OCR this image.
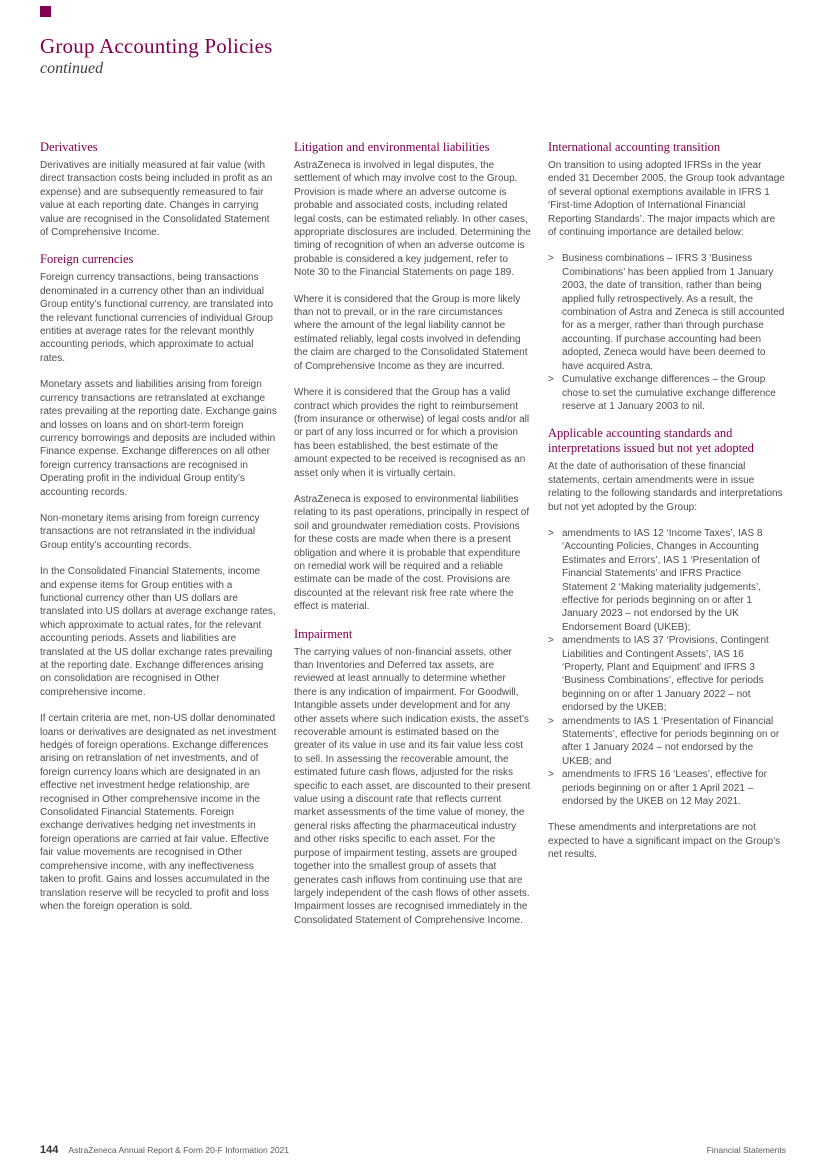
Group Accounting Policies
continued
Derivatives

Derivatives are initially measured at fair value (with direct transaction costs being included in profit as an expense) and are subsequently remeasured to fair value at each reporting date. Changes in carrying value are recognised in the Consolidated Statement of Comprehensive Income.

Foreign currencies

Foreign currency transactions, being transactions denominated in a currency other than an individual Group entity’s functional currency, are translated into the relevant functional currencies of individual Group entities at average rates for the relevant monthly accounting periods, which approximate to actual rates.

Monetary assets and liabilities arising from foreign currency transactions are retranslated at exchange rates prevailing at the reporting date. Exchange gains and losses on loans and on short-term foreign currency borrowings and deposits are included within Finance expense. Exchange differences on all other foreign currency transactions are recognised in Operating profit in the individual Group entity’s accounting records.

Non-monetary items arising from foreign currency transactions are not retranslated in the individual Group entity’s accounting records.

In the Consolidated Financial Statements, income and expense items for Group entities with a functional currency other than US dollars are translated into US dollars at average exchange rates, which approximate to actual rates, for the relevant accounting periods. Assets and liabilities are translated at the US dollar exchange rates prevailing at the reporting date. Exchange differences arising on consolidation are recognised in Other comprehensive income.

If certain criteria are met, non-US dollar denominated loans or derivatives are designated as net investment hedges of foreign operations. Exchange differences arising on retranslation of net investments, and of foreign currency loans which are designated in an effective net investment hedge relationship, are recognised in Other comprehensive income in the Consolidated Financial Statements. Foreign exchange derivatives hedging net investments in foreign operations are carried at fair value. Effective fair value movements are recognised in Other comprehensive income, with any ineffectiveness taken to profit. Gains and losses accumulated in the translation reserve will be recycled to profit and loss when the foreign operation is sold.

Litigation and environmental liabilities

AstraZeneca is involved in legal disputes, the settlement of which may involve cost to the Group. Provision is made where an adverse outcome is probable and associated costs, including related legal costs, can be estimated reliably. In other cases, appropriate disclosures are included. Determining the timing of recognition of when an adverse outcome is probable is considered a key judgement, refer to Note 30 to the Financial Statements on page 189.

Where it is considered that the Group is more likely than not to prevail, or in the rare circumstances where the amount of the legal liability cannot be estimated reliably, legal costs involved in defending the claim are charged to the Consolidated Statement of Comprehensive Income as they are incurred.

Where it is considered that the Group has a valid contract which provides the right to reimbursement (from insurance or otherwise) of legal costs and/or all or part of any loss incurred or for which a provision has been established, the best estimate of the amount expected to be received is recognised as an asset only when it is virtually certain.

AstraZeneca is exposed to environmental liabilities relating to its past operations, principally in respect of soil and groundwater remediation costs. Provisions for these costs are made when there is a present obligation and where it is probable that expenditure on remedial work will be required and a reliable estimate can be made of the cost. Provisions are discounted at the relevant risk free rate where the effect is material.

Impairment

The carrying values of non-financial assets, other than Inventories and Deferred tax assets, are reviewed at least annually to determine whether there is any indication of impairment. For Goodwill, Intangible assets under development and for any other assets where such indication exists, the asset’s recoverable amount is estimated based on the greater of its value in use and its fair value less cost to sell. In assessing the recoverable amount, the estimated future cash flows, adjusted for the risks specific to each asset, are discounted to their present value using a discount rate that reflects current market assessments of the time value of money, the general risks affecting the pharmaceutical industry and other risks specific to each asset. For the purpose of impairment testing, assets are grouped together into the smallest group of assets that generates cash inflows from continuing use that are largely independent of the cash flows of other assets. Impairment losses are recognised immediately in the Consolidated Statement of Comprehensive Income.

International accounting transition

On transition to using adopted IFRSs in the year ended 31 December 2005, the Group took advantage of several optional exemptions available in IFRS 1 ‘First-time Adoption of International Financial Reporting Standards’. The major impacts which are of continuing importance are detailed below:

> Business combinations – IFRS 3 ‘Business Combinations’ has been applied from 1 January 2003, the date of transition, rather than being applied fully retrospectively. As a result, the combination of Astra and Zeneca is still accounted for as a merger, rather than through purchase accounting. If purchase accounting had been adopted, Zeneca would have been deemed to have acquired Astra.
> Cumulative exchange differences – the Group chose to set the cumulative exchange difference reserve at 1 January 2003 to nil.
Applicable accounting standards and interpretations issued but not yet adopted

At the date of authorisation of these financial statements, certain amendments were in issue relating to the following standards and interpretations but not yet adopted by the Group:

> amendments to IAS 12 ‘Income Taxes’, IAS 8 ‘Accounting Policies, Changes in Accounting Estimates and Errors’, IAS 1 ‘Presentation of Financial Statements’ and IFRS Practice Statement 2 ‘Making materiality judgements’, effective for periods beginning on or after 1 January 2023 – not endorsed by the UK Endorsement Board (UKEB);
> amendments to IAS 37 ‘Provisions, Contingent Liabilities and Contingent Assets’, IAS 16 ‘Property, Plant and Equipment’ and IFRS 3 ‘Business Combinations’, effective for periods beginning on or after 1 January 2022 – not endorsed by the UKEB;
> amendments to IAS 1 ‘Presentation of Financial Statements’, effective for periods beginning on or after 1 January 2024 – not endorsed by the UKEB; and
> amendments to IFRS 16 ‘Leases’, effective for periods beginning on or after 1 April 2021 – endorsed by the UKEB on 12 May 2021.

These amendments and interpretations are not expected to have a significant impact on the Group’s net results.

144 AstraZeneca Annual Report & Form 20-F Information 2021	Financial Statements
